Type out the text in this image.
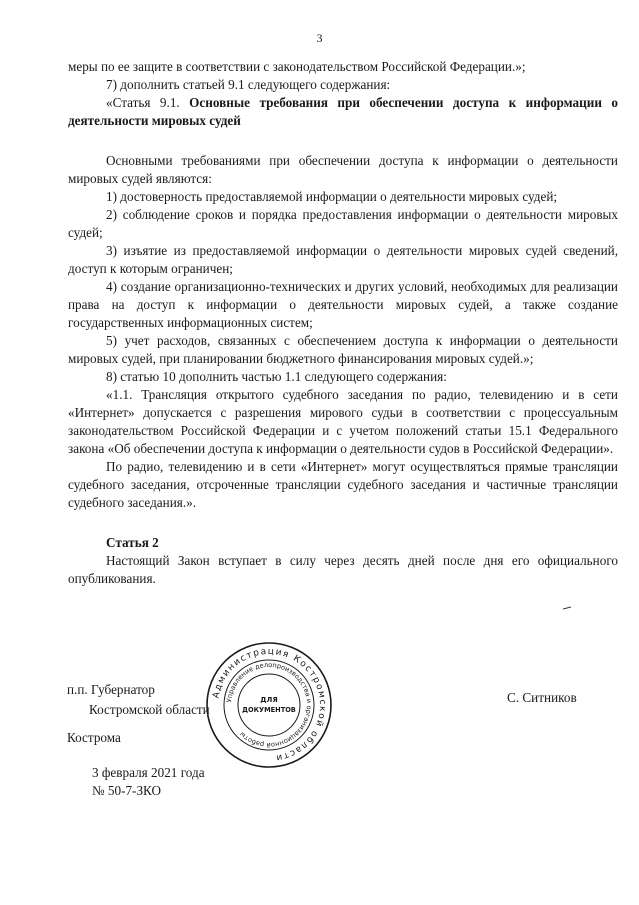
3

меры по ее защите в соответствии с законодательством Российской Федерации.»;

7) дополнить статьей 9.1 следующего содержания:

«Статья 9.1. Основные требования при обеспечении доступа к информации о деятельности мировых судей

Основными требованиями при обеспечении доступа к информации о деятельности мировых судей являются:

1) достоверность предоставляемой информации о деятельности мировых судей;

2) соблюдение сроков и порядка предоставления информации о деятельности мировых судей;

3) изъятие из предоставляемой информации о деятельности мировых судей сведений, доступ к которым ограничен;

4) создание организационно-технических и других условий, необходимых для реализации права на доступ к информации о деятельности мировых судей, а также создание государственных информационных систем;

5) учет расходов, связанных с обеспечением доступа к информации о деятельности мировых судей, при планировании бюджетного финансирования мировых судей.»;

8) статью 10 дополнить частью 1.1 следующего содержания:

«1.1. Трансляция открытого судебного заседания по радио, телевидению и в сети «Интернет» допускается с разрешения мирового судьи в соответствии с процессуальным законодательством Российской Федерации и с учетом положений статьи 15.1 Федерального закона «Об обеспечении доступа к информации о деятельности судов в Российской Федерации».

По радио, телевидению и в сети «Интернет» могут осуществляться прямые трансляции судебного заседания, отсроченные трансляции судебного заседания и частичные трансляции судебного заседания.».

Статья 2

Настоящий Закон вступает в силу через десять дней после дня его официального опубликования.

Администрация Костромской области
Управление делопроизводства и организационной работы
ДЛЯ
ДОКУМЕНТОВ
п.п. Губернатор
Костромской области
С. Ситников
Кострома
3 февраля 2021 года
№ 50-7-ЗКО
